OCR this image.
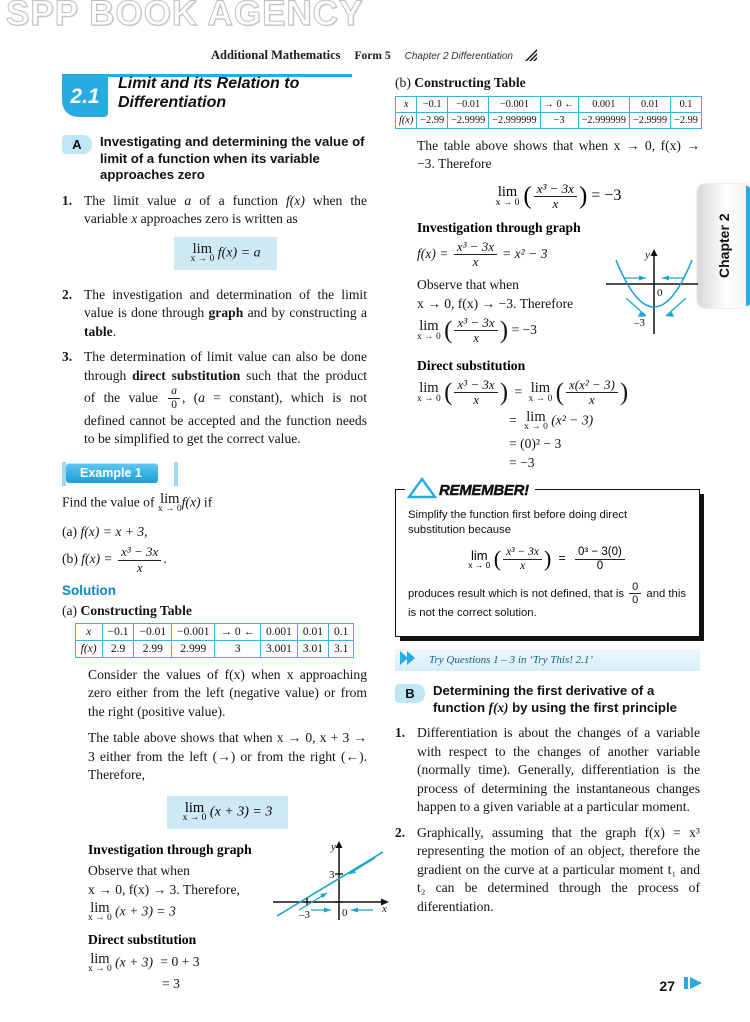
SPP BOOK AGENCY
Additional Mathematics Form 5 Chapter 2 Differentiation
2.1
Limit and its Relation to Differentiation
A	Investigating and determining the value of limit of a function when its variable approaches zero
1. The limit value a of a function f(x) when the variable x approaches zero is written as
lim
x → 0 f(x) = a
2. The investigation and determination of the limit value is done through graph and by constructing a table.
3. The determination of limit value can also be done through direct substitution such that the product of the value $\frac{a}{0}$ , (a = constant), which is not defined cannot be accepted and the function needs to be simplified to get the correct value.
Example 1

Find the value of lim
x → 0 f(x) if

(a) f(x) = x + 3,

(b) $f(x) = \frac{\text{x³ − 3x}}{x}$ .

Solution

(a) Constructing Table

x	−0.1	−0.01	−0.001	→ 0 ←	0.001	0.01	0.1
f(x)	2.9	2.99	2.999	3	3.001	3.01	3.1

Consider the values of f(x) when x approaching zero either from the left (negative value) or from the right (positive value).

The table above shows that when x → 0, x + 3 → 3 either from the left (→) or from the right (←). Therefore,

lim
x → 0 (x + 3) = 3
Investigation through graph

Observe that when

x → 0, f(x) → 3. Therefore,

lim
x → 0 (x + 3) = 3

y
x
3
–3	0
Direct substitution

lim
x → 0 (x + 3) = 0 + 3

= 3

(b) Constructing Table

x	−0.1	−0.01	−0.001	→ 0 ←	0.001	0.01	0.1
f(x)	−2.99	−2.9999	−2.999999	−3	−2.999999	−2.9999	−2.99

The table above shows that when x → 0, f(x) → −3. Therefore

lim
x → 0 ( $\frac{\text{x³ − 3x}}{x}$ ) = −3
Investigation through graph

$f(x) = \frac{\text{x³ − 3x}}{x} = x^2 - 3$

Observe that when

x → 0, f(x) → −3. Therefore

lim
x → 0 ( $\frac{\text{x³ − 3x}}{x}$ ) = −3

y
0
–3
Direct substitution

lim
x → 0 ( $\frac{\text{x³ − 3x}}{x}$ ) = lim
x → 0 ( $\frac{\text{x(x² − 3)}}{x}$ )

= lim
x → 0 (x² − 3)

= (0)² − 3

= −3

REMEMBER!

Simplify the function first before doing direct substitution because

lim
x → 0 ( $\frac{\text{x³ − 3x}}{x}$ ) = $\frac{\text{0³ − 3(0)}}{0}$

produces result which is not defined, that is $\frac{0}{0}$ and this is not the correct solution.

Try Questions 1 – 3 in ‘Try This! 2.1’
B	Determining the first derivative of a function f(x) by using the first principle
1. Differentiation is about the changes of a variable with respect to the changes of another variable (normally time). Generally, differentiation is the process of determining the instantaneous changes happen to a given variable at a particular moment.
2. Graphically, assuming that the graph f(x) = x³ representing the motion of an object, therefore the gradient on the curve at a particular moment t₁ and t₂ can be determined through the process of diferentiation.
Chapter 2
27
